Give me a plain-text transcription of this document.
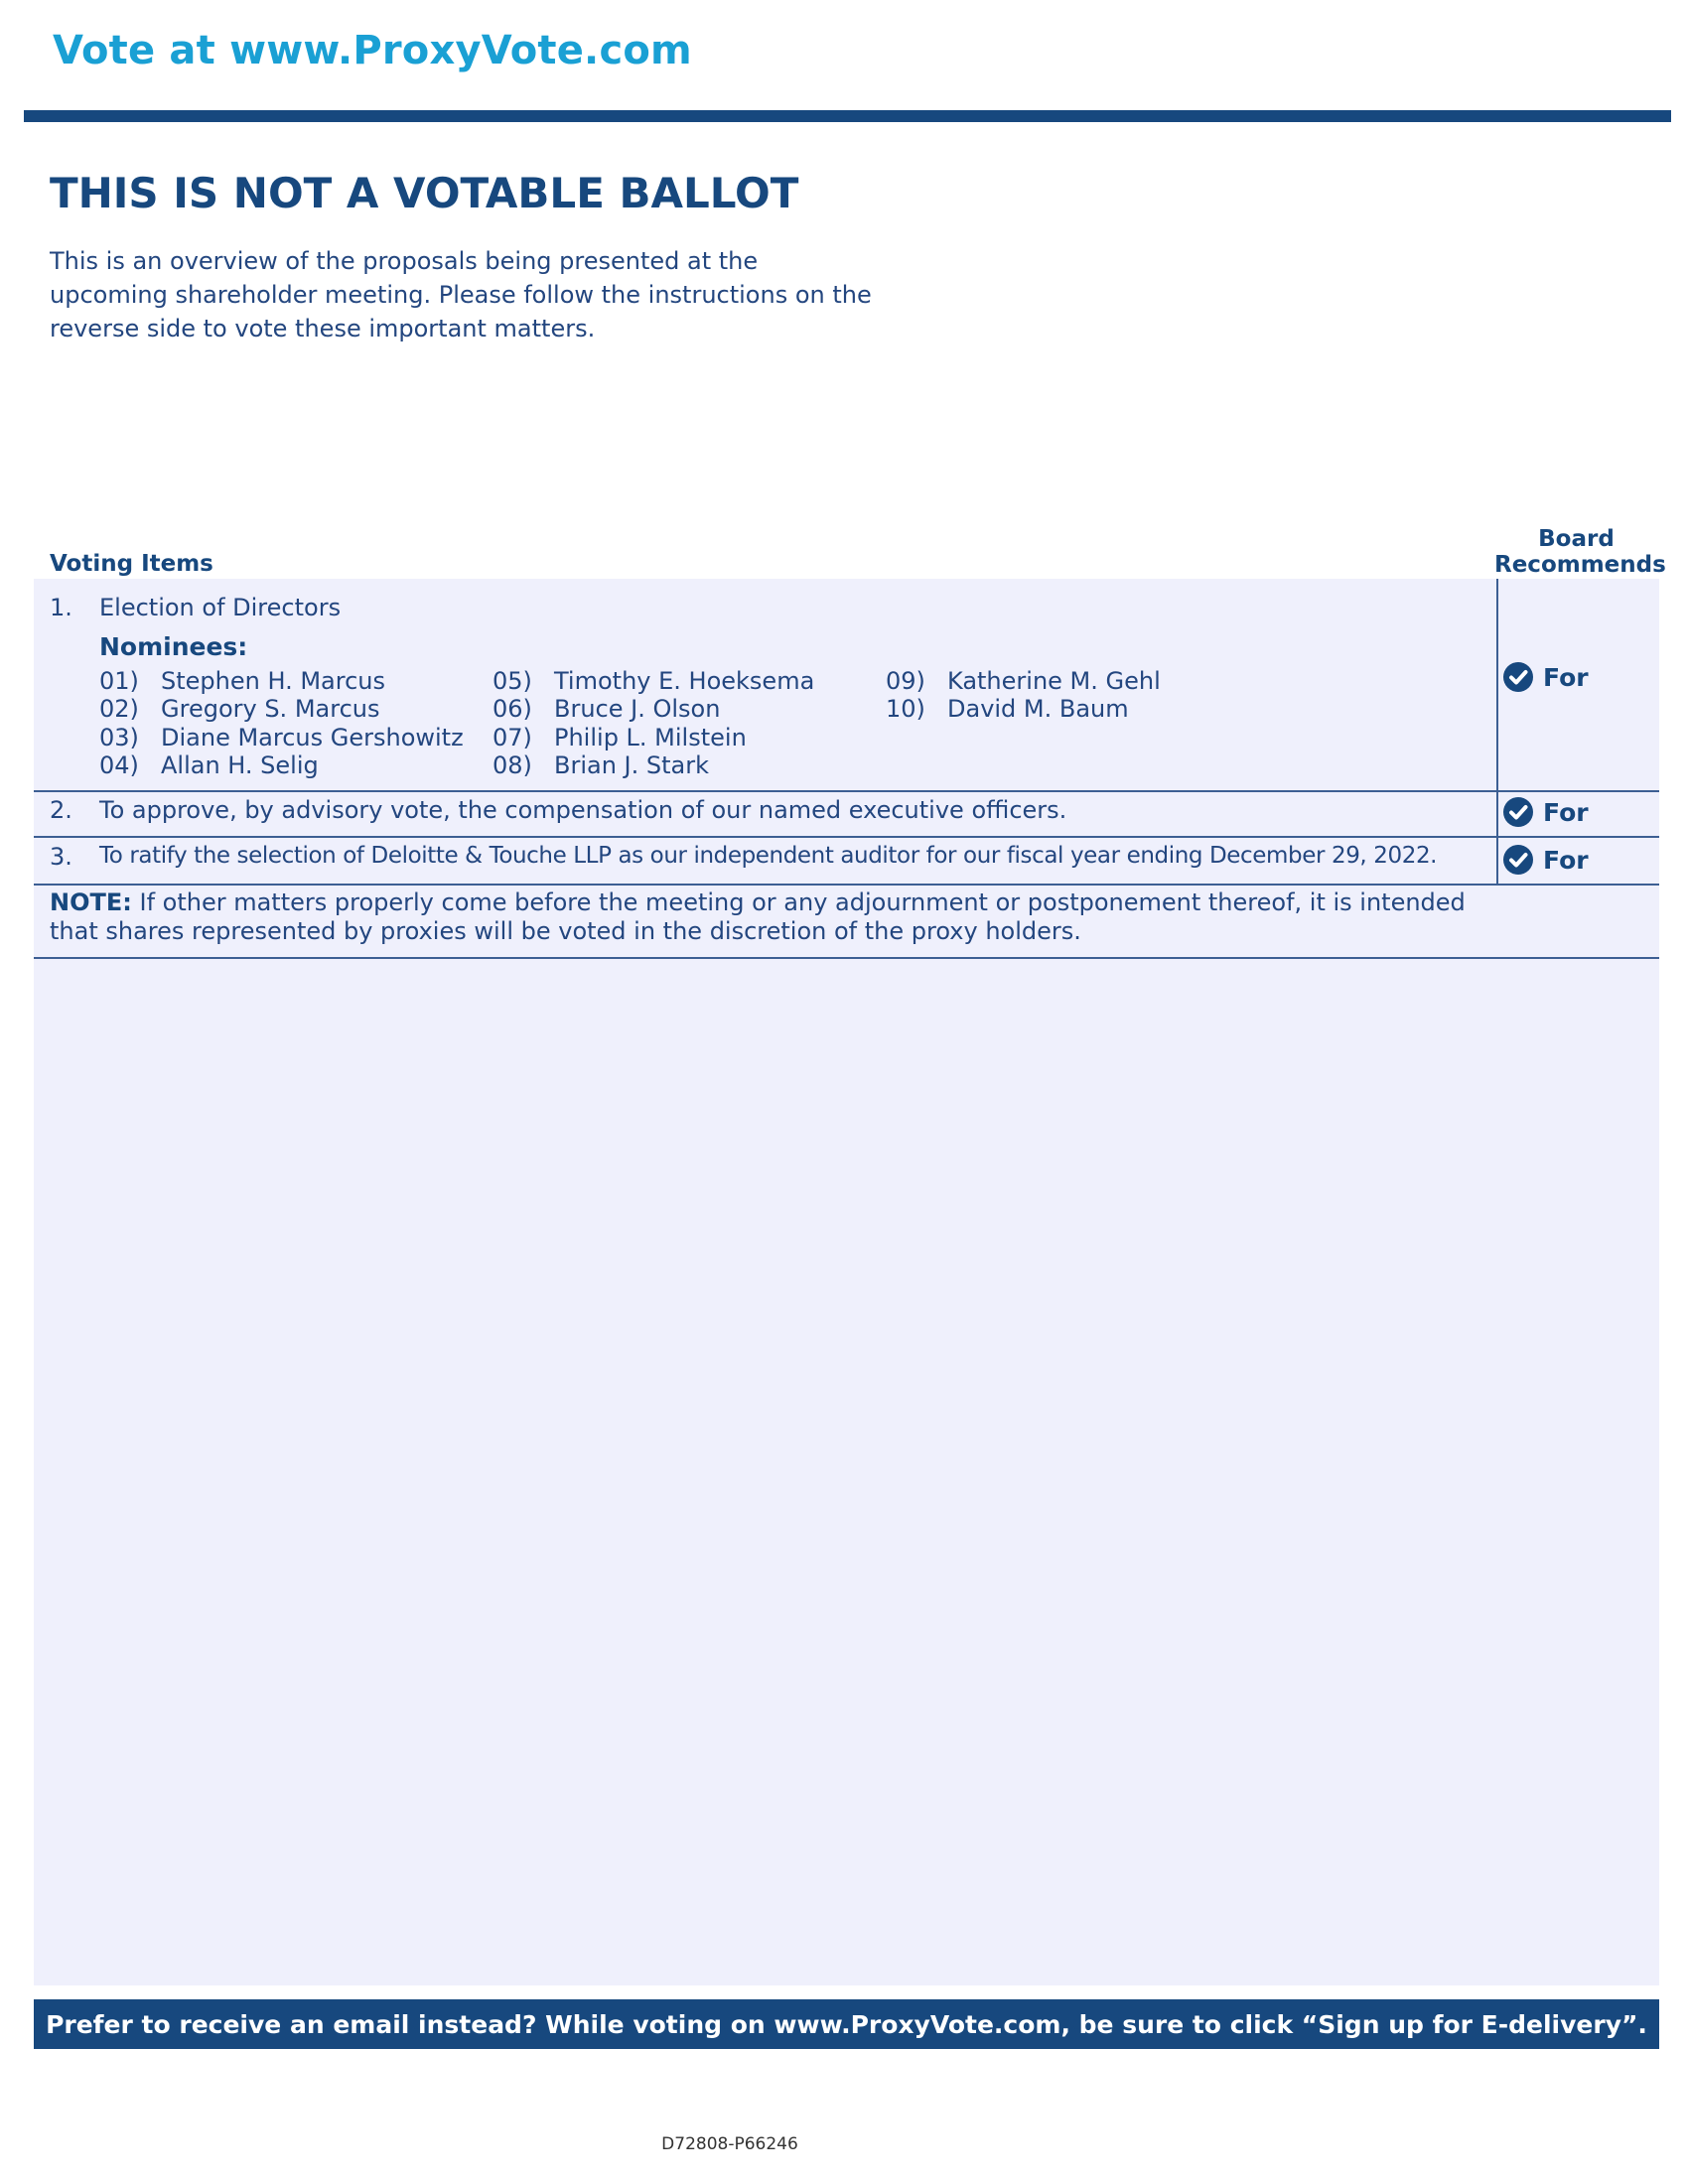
Vote at www.ProxyVote.com
THIS IS NOT A VOTABLE BALLOT
This is an overview of the proposals being presented at the upcoming shareholder meeting. Please follow the instructions on the reverse side to vote these important matters.
Voting Items
Board Recommends
1. Election of Directors
Nominees:
01) Stephen H. Marcus
02) Gregory S. Marcus
03) Diane Marcus Gershowitz
04) Allan H. Selig
05) Timothy E. Hoeksema
06) Bruce J. Olson
07) Philip L. Milstein
08) Brian J. Stark
09) Katherine M. Gehl
10) David M. Baum
For
2. To approve, by advisory vote, the compensation of our named executive officers.	For
3. To ratify the selection of Deloitte & Touche LLP as our independent auditor for our fiscal year ending December 29, 2022.	For
NOTE: If other matters properly come before the meeting or any adjournment or postponement thereof, it is intended that shares represented by proxies will be voted in the discretion of the proxy holders.
Prefer to receive an email instead? While voting on www.ProxyVote.com, be sure to click “Sign up for E-delivery”.
D72808-P66246
